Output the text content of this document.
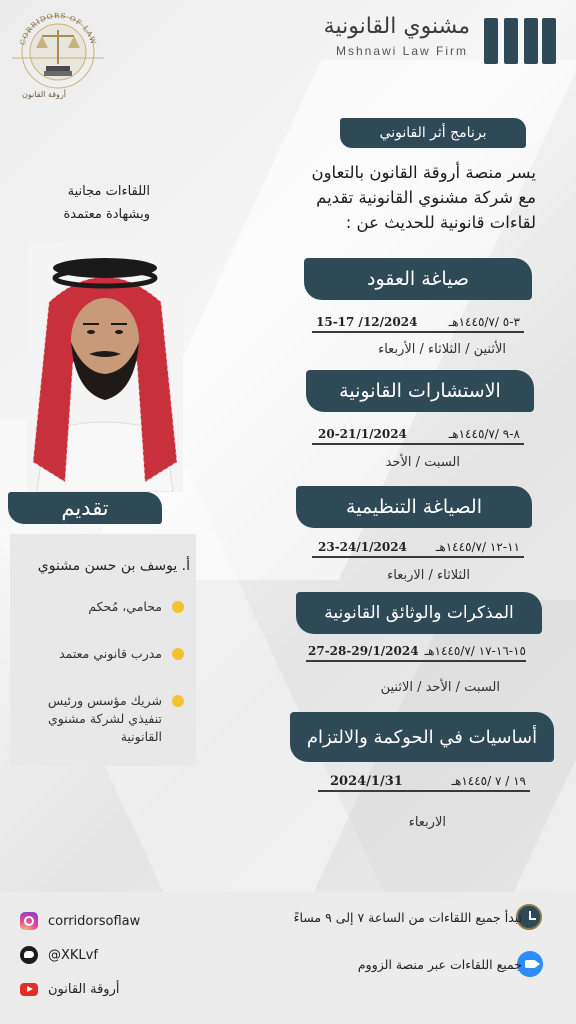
مشنوي القانونية
Mshnawi Law Firm
CORRIDORS OF LAW
أروقة القانون
برنامج أثر القانوني
يسر منصة أروقة القانون بالتعاون
مع شركة مشنوي القانونية تقديم
لقاءات قانونية للحديث عن :
صياغة العقود
15-17 /12/2024	٣-٥ /١٤٤٥/٧هـ
الأثنين / الثلاثاء / الأربعاء
الاستشارات القانونية
20-21/1/2024	٨-٩ /١٤٤٥/٧هـ
السبت / الأحد
الصياغة التنظيمية
23-24/1/2024 ١١-١٢ /١٤٤٥/٧هـ
الثلاثاء / الاربعاء
المذكرات والوثائق القانونية
27-28-29/1/2024 ١٥-١٦-١٧ /١٤٤٥/٧هـ
السبت / الأحد / الاثنين
أساسيات في الحوكمة والالتزام
2024/1/31	١٩ / ٧ /١٤٤٥هـ
الاربعاء
اللقاءات مجانية
وبشهادة معتمدة
تقديم
أ. يوسف بن حسن مشنوي
محامي، مُحكم
مدرب قانوني معتمد
شريك مؤسس ورئيس تنفيذي لشركة مشنوي القانونية
تبدأ جميع اللقاءات من الساعة ٧ إلى ٩ مساءً
جميع اللقاءات عبر منصة الزووم
corridorsoflaw
@XKLvf
أروقة القانون
